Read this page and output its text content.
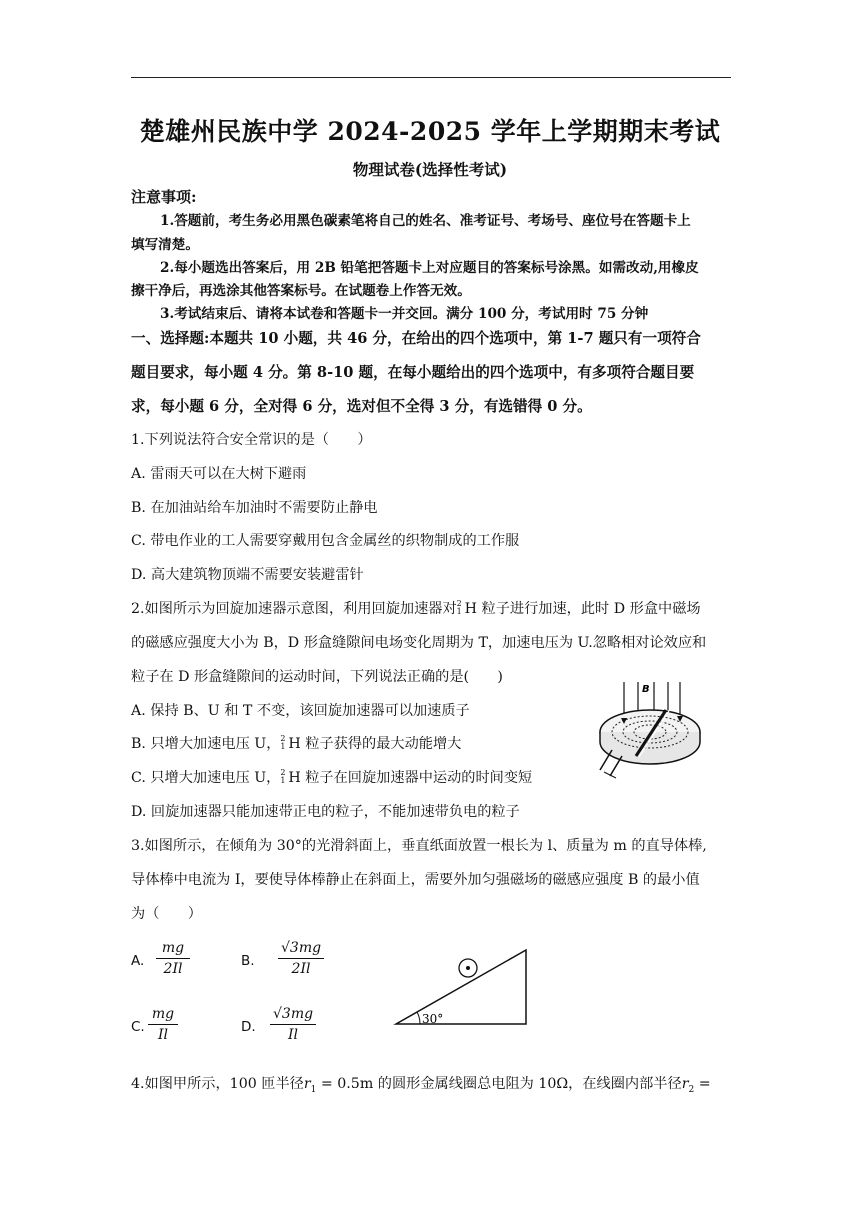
楚雄州民族中学 2024-2025 学年上学期期末考试
物理试卷(选择性考试)
注意事项:
1.答题前，考生务必用黑色碳素笔将自己的姓名、准考证号、考场号、座位号在答题卡上
填写清楚。
2.每小题选出答案后，用 2B 铅笔把答题卡上对应题目的答案标号涂黑。如需改动,用橡皮
擦干净后，再选涂其他答案标号。在试题卷上作答无效。
3.考试结束后、请将本试卷和答题卡一并交回。满分 100 分，考试用时 75 分钟
一、选择题:本题共 10 小题，共 46 分，在给出的四个选项中，第 1-7 题只有一项符合
题目要求，每小题 4 分。第 8-10 题，在每小题给出的四个选项中，有多项符合题目要
求，每小题 6 分，全对得 6 分，选对但不全得 3 分，有选错得 0 分。
1.下列说法符合安全常识的是（　　）
A. 雷雨天可以在大树下避雨
B. 在加油站给车加油时不需要防止静电
C. 带电作业的工人需要穿戴用包含金属丝的织物制成的工作服
D. 高大建筑物顶端不需要安装避雷针
2.如图所示为回旋加速器示意图，利用回旋加速器对 2
1 H 粒子进行加速，此时 D 形盒中磁场
的磁感应强度大小为 B，D 形盒缝隙间电场变化周期为 T，加速电压为 U.忽略相对论效应和
粒子在 D 形盒缝隙间的运动时间，下列说法正确的是(　　)
A. 保持 B、U 和 T 不变，该回旋加速器可以加速质子
B. 只增大加速电压 U， 2
1 H 粒子获得的最大动能增大
C. 只增大加速电压 U， 2
1 H 粒子在回旋加速器中运动的时间变短
D. 回旋加速器只能加速带正电的粒子，不能加速带负电的粒子
B
3.如图所示，在倾角为 30°的光滑斜面上，垂直纸面放置一根长为 l、质量为 m 的直导体棒,
导体棒中电流为 I，要使导体棒静止在斜面上，需要外加匀强磁场的磁感应强度 B 的最小值
为（　　）
A.
mg
2Il	B.
√3mg
2Il
C.
mg
Il	D.
√3mg
Il
30°
4.如图甲所示，100 匝半径$r_1 = 0.5m$ 的圆形金属线圈总电阻为 10Ω，在线圈内部半径$r_2$ =
